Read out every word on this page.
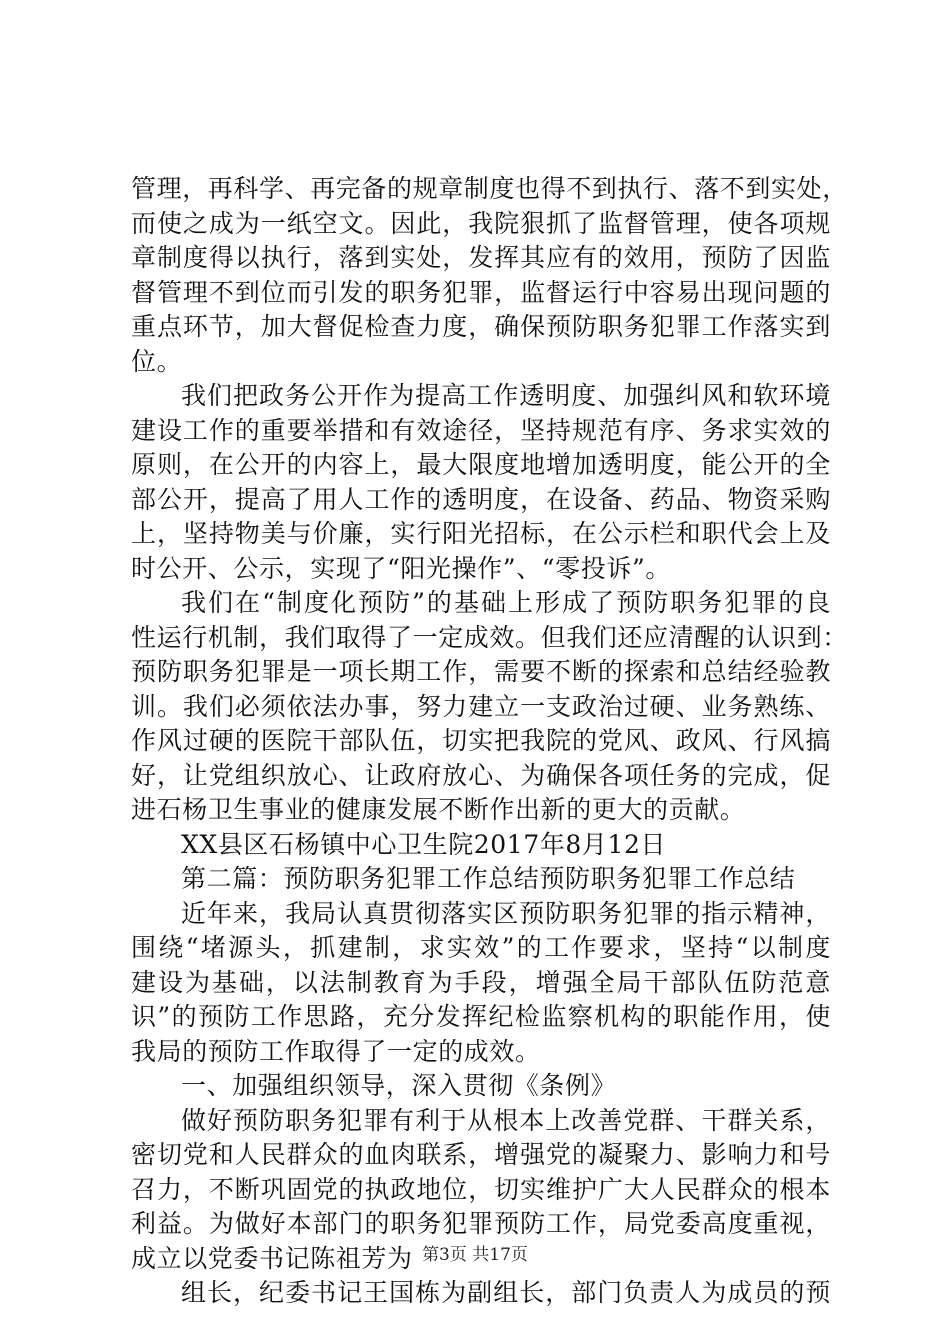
管理，再科学、再完备的规章制度也得不到执行、落不到实处，
而使之成为一纸空文。因此，我院狠抓了监督管理，使各项规
章制度得以执行，落到实处，发挥其应有的效用，预防了因监
督管理不到位而引发的职务犯罪，监督运行中容易出现问题的
重点环节，加大督促检查力度，确保预防职务犯罪工作落实到
位。
我们把政务公开作为提高工作透明度、加强纠风和软环境
建设工作的重要举措和有效途径，坚持规范有序、务求实效的
原则，在公开的内容上，最大限度地增加透明度，能公开的全
部公开，提高了用人工作的透明度，在设备、药品、物资采购
上，坚持物美与价廉，实行阳光招标，在公示栏和职代会上及
时公开、公示，实现了“阳光操作”、“零投诉”。
我们在“制度化预防”的基础上形成了预防职务犯罪的良
性运行机制，我们取得了一定成效。但我们还应清醒的认识到：
预防职务犯罪是一项长期工作，需要不断的探索和总结经验教
训。我们必须依法办事，努力建立一支政治过硬、业务熟练、
作风过硬的医院干部队伍，切实把我院的党风、政风、行风搞
好，让党组织放心、让政府放心、为确保各项任务的完成，促
进石杨卫生事业的健康发展不断作出新的更大的贡献。
XX县区石杨镇中心卫生院2017年8月12日
第二篇：预防职务犯罪工作总结预防职务犯罪工作总结
近年来，我局认真贯彻落实区预防职务犯罪的指示精神，
围绕“堵源头，抓建制，求实效”的工作要求，坚持“以制度
建设为基础，以法制教育为手段，增强全局干部队伍防范意
识”的预防工作思路，充分发挥纪检监察机构的职能作用，使
我局的预防工作取得了一定的成效。
一、加强组织领导，深入贯彻《条例》
做好预防职务犯罪有利于从根本上改善党群、干群关系，
密切党和人民群众的血肉联系，增强党的凝聚力、影响力和号
召力，不断巩固党的执政地位，切实维护广大人民群众的根本
利益。为做好本部门的职务犯罪预防工作，局党委高度重视，
成立以党委书记陈祖芳为
组长，纪委书记王国栋为副组长，部门负责人为成员的预
第3页 共17页
